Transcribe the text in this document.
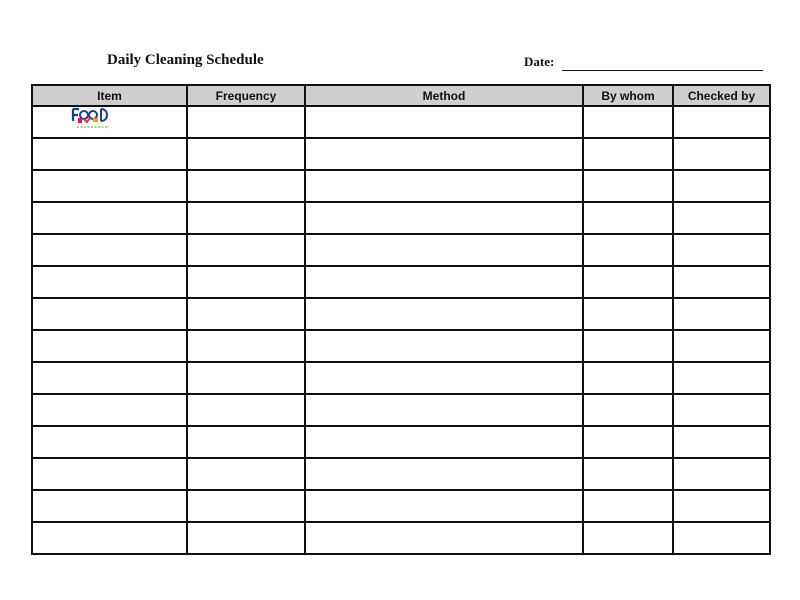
Daily Cleaning Schedule	Date:
Item	Frequency	Method	By whom	Checked by
